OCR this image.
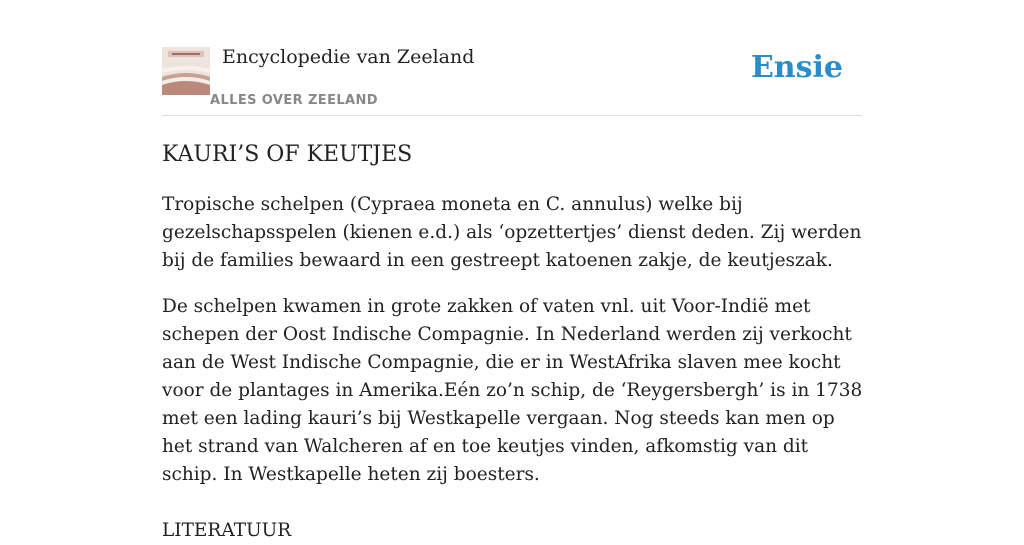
Encyclopedie van Zeeland
ALLES OVER ZEELAND
Ensie
KAURI’S OF KEUTJES

Tropische schelpen (Cypraea moneta en C. annulus) welke bij gezelschapsspelen (kienen e.d.) als ‘opzettertjes’ dienst deden. Zij werden bij de families bewaard in een gestreept katoenen zakje, de keutjeszak.

De schelpen kwamen in grote zakken of vaten vnl. uit Voor-Indië met schepen der Oost Indische Compagnie. In Nederland werden zij verkocht aan de West Indische Compagnie, die er in WestAfrika slaven mee kocht voor de plantages in Amerika.Eén zo’n schip, de ‘Reygersbergh’ is in 1738 met een lading kauri’s bij Westkapelle vergaan. Nog steeds kan men op het strand van Walcheren af en toe keutjes vinden, afkomstig van dit schip. In Westkapelle heten zij boesters.

LITERATUUR
